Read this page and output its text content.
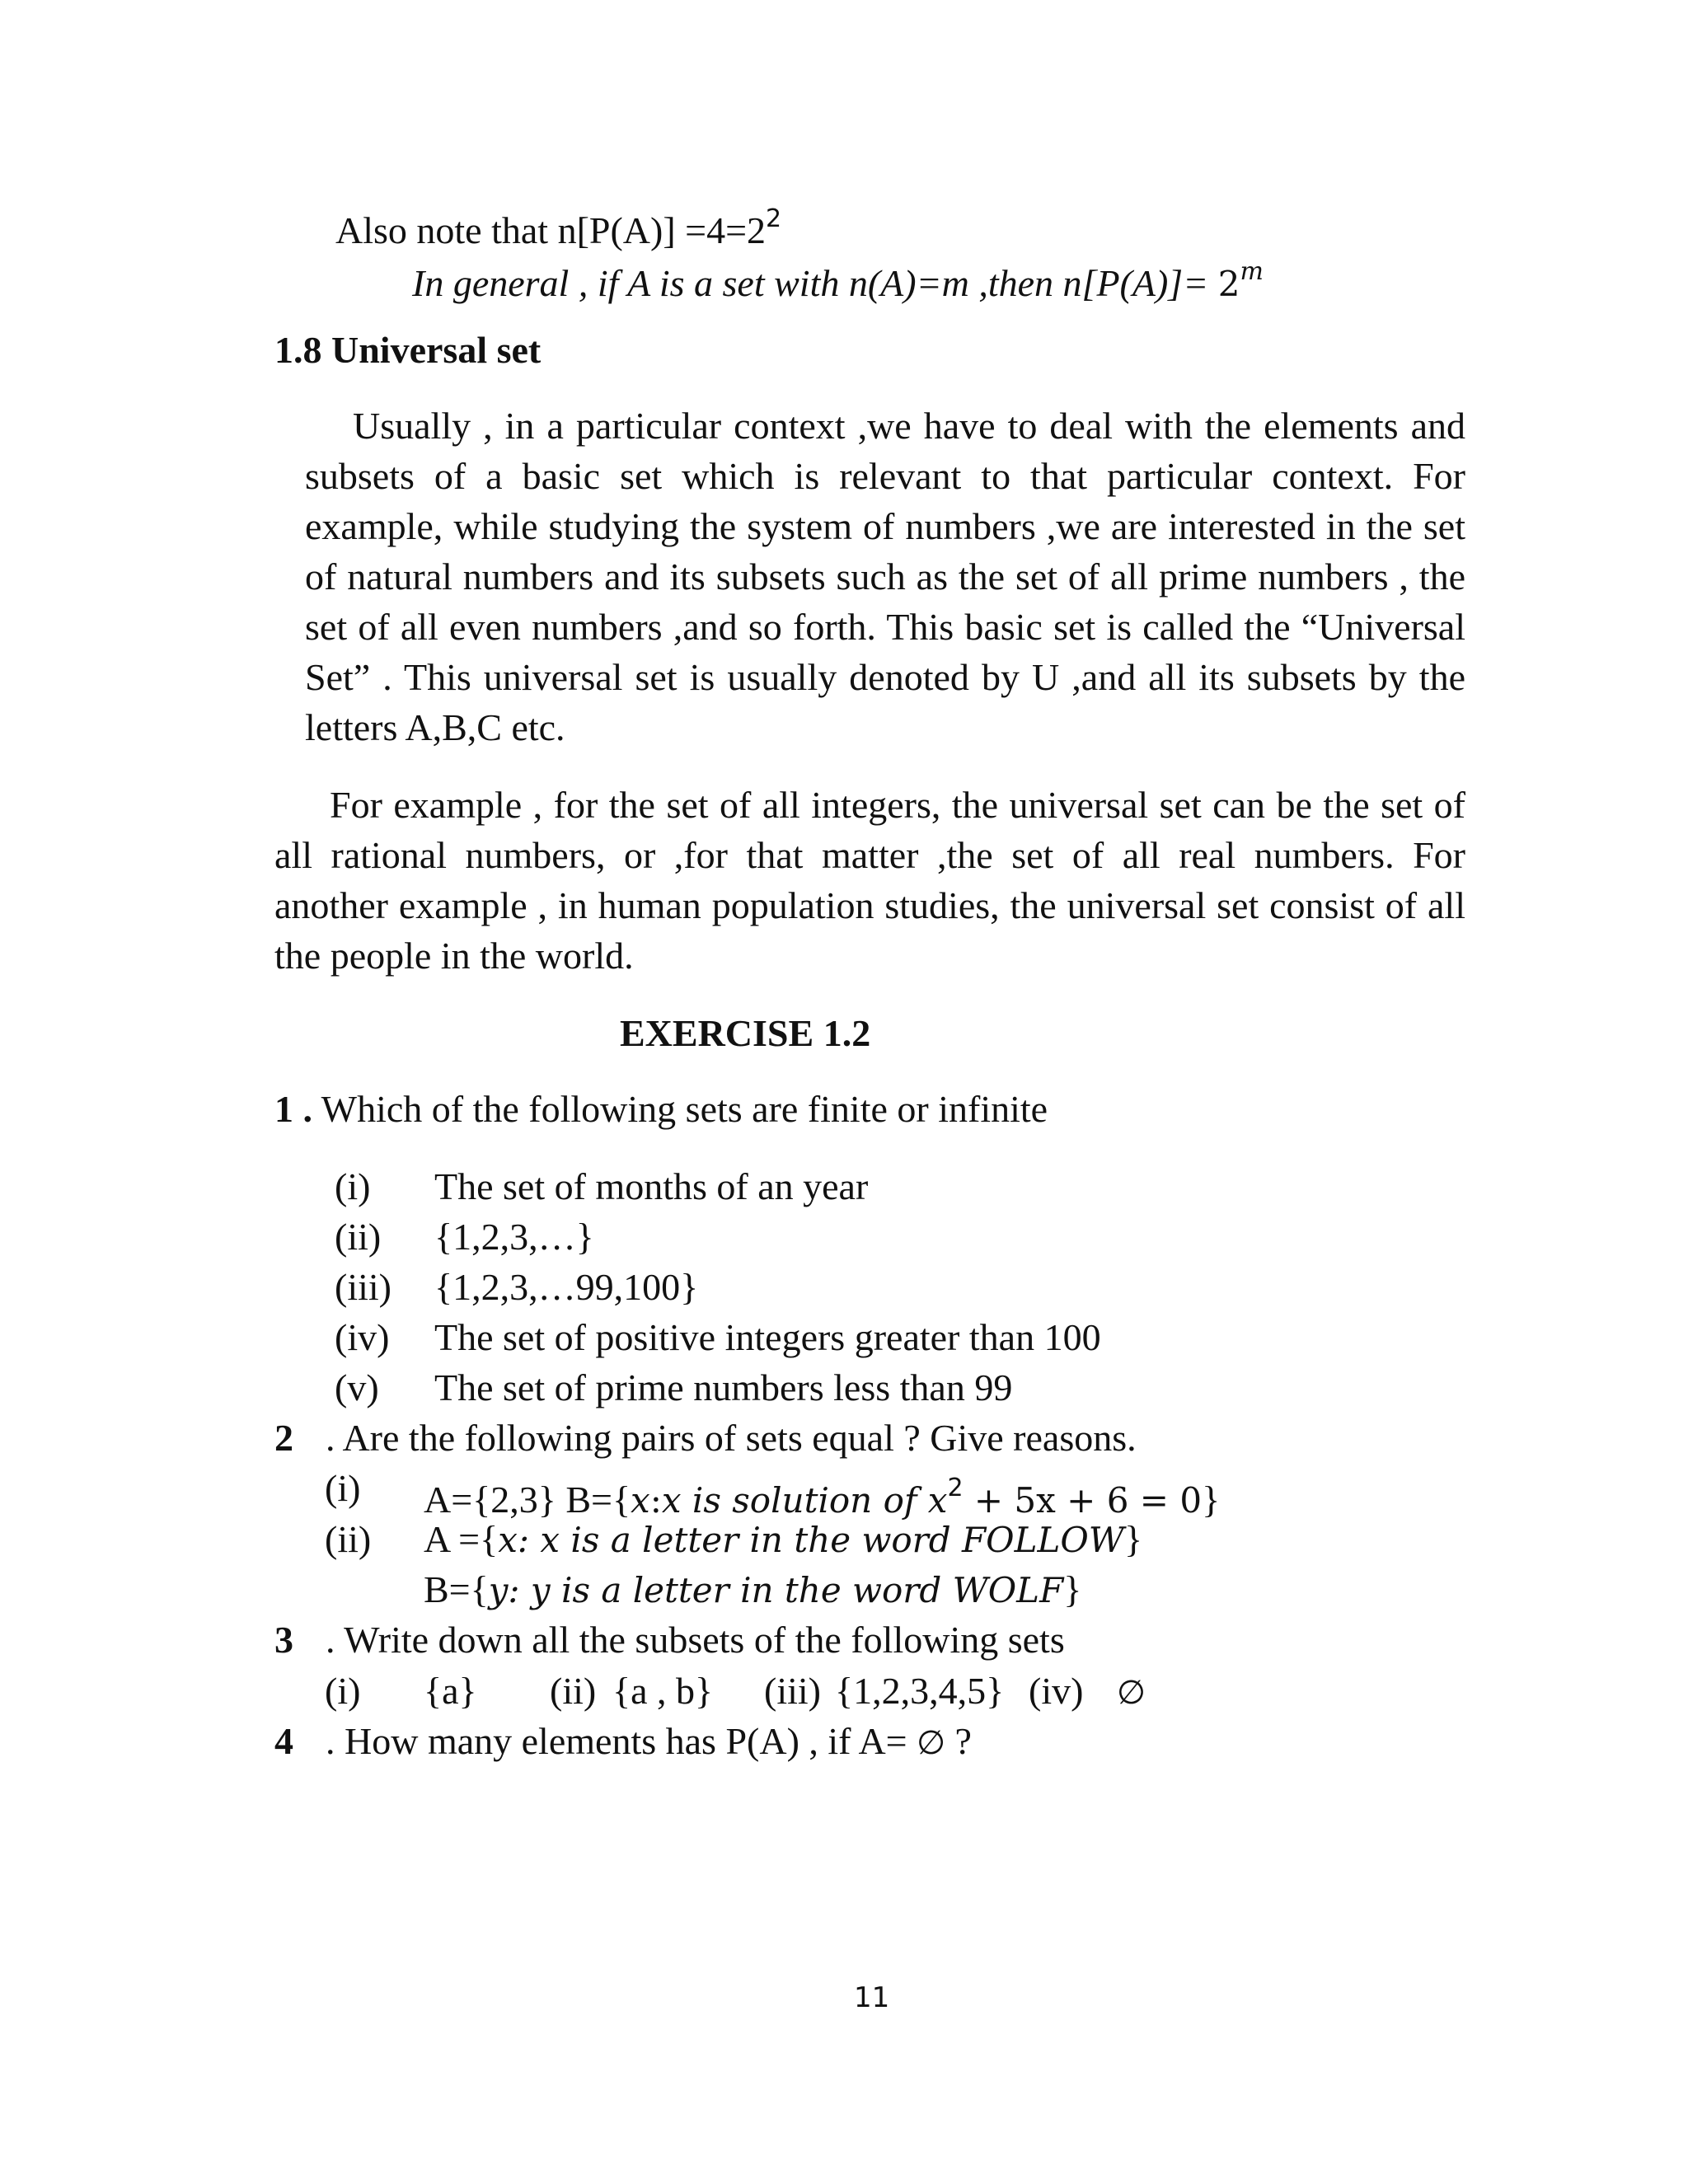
Also note that $n[P(A)] =4=2^2$
In general , if A is a set with n(A)=m ,then $n[P(A)]= 2^m$
1.8 Universal set
Usually , in a particular context ,we have to deal with the elements and subsets of a basic set which is relevant to that particular context. For example, while studying the system of numbers ,we are interested in the set of natural numbers and its subsets such as the set of all prime numbers , the set of all even numbers ,and so forth. This basic set is called the “Universal Set” . This universal set is usually denoted by U ,and all its subsets by the letters A,B,C etc.
For example , for the set of all integers, the universal set can be the set of all rational numbers, or ,for that matter ,the set of all real numbers. For another example , in human population studies, the universal set consist of all the people in the world.
EXERCISE 1.2
1 . Which of the following sets are finite or infinite
(i) The set of months of an year
(ii) {1,2,3,…}
(iii) {1,2,3,…99,100}
(iv) The set of positive integers greater than 100
(v) The set of prime numbers less than 99
2 . Are the following pairs of sets equal ? Give reasons.
(i) A={2,3} B={x:x is solution of $x^2 + 5x + 6 = 0$}
(ii) A ={x: x is a letter in the word FOLLOW}
B={y: y is a letter in the word WOLF}
3 . Write down all the subsets of the following sets
(i) {a} (ii) {a , b} (iii) {1,2,3,4,5} (iv) ∅
4 . How many elements has P(A) , if A= ∅ ?
11
